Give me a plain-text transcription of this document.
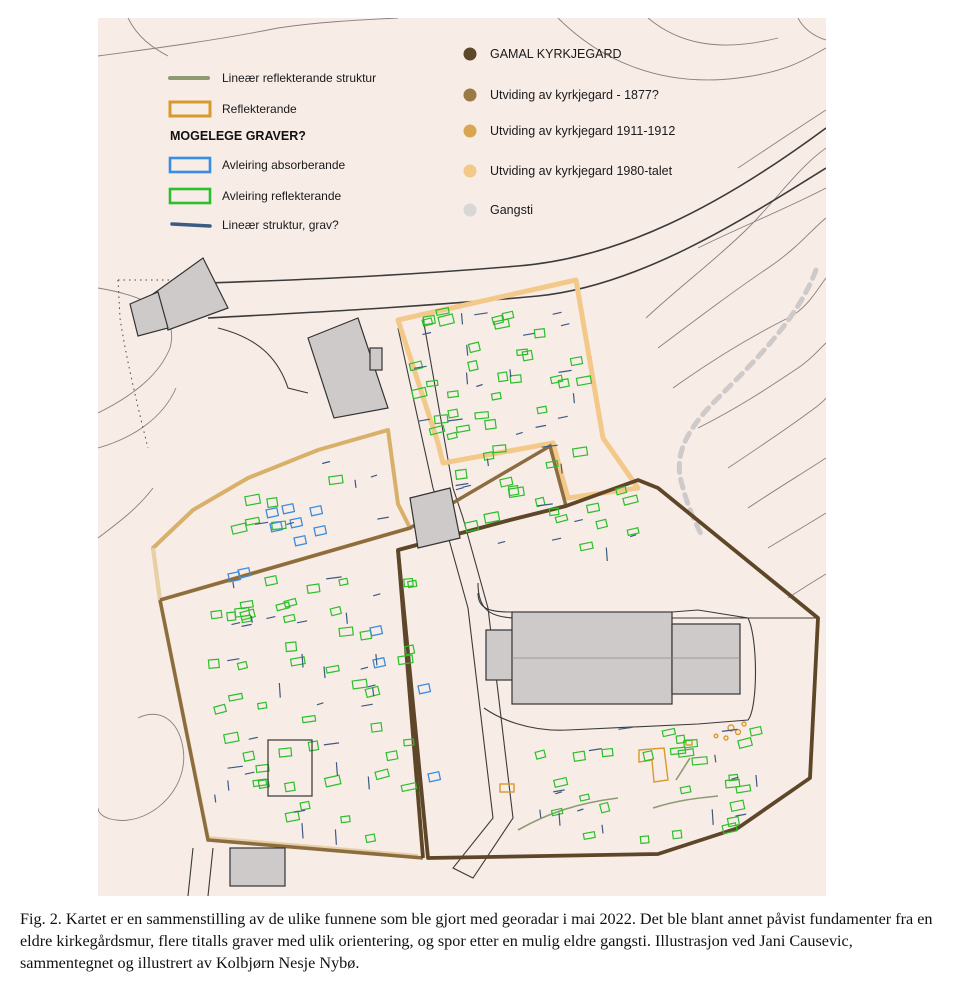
Lineær reflekterande struktur
Reflekterande
MOGELEGE GRAVER?
Avleiring absorberande
Avleiring reflekterande
Lineær struktur, grav?
GAMAL KYRKJEGARD
Utviding av kyrkjegard - 1877?
Utviding av kyrkjegard 1911-1912
Utviding av kyrkjegard 1980-talet
Gangsti

Fig. 2. Kartet er en sammenstilling av de ulike funnene som ble gjort med georadar i mai 2022. Det ble blant annet påvist fundamenter fra en eldre kirkegårdsmur, flere titalls graver med ulik orientering, og spor etter en mulig eldre gangsti. Illustrasjon ved Jani Causevic, sammentegnet og illustrert av Kolbjørn Nesje Nybø.
